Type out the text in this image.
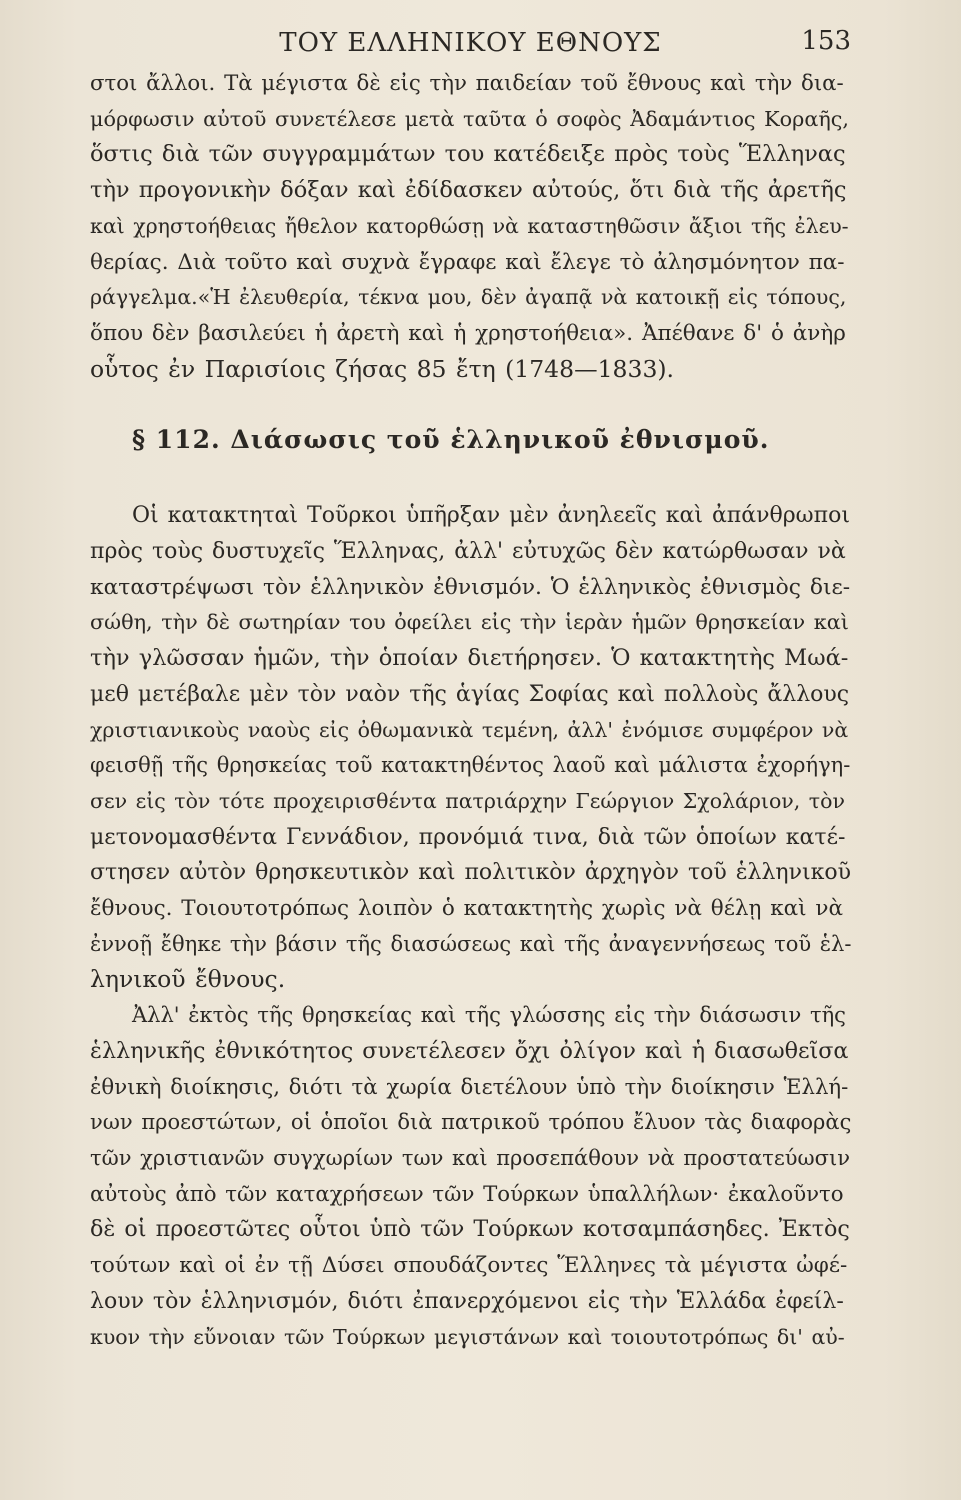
ΤΟΥ ΕΛΛΗΝΙΚΟΥ ΕΘΝΟΥΣ	153
στοι ἄλλοι. Τὰ μέγιστα δὲ εἰς τὴν παιδείαν τοῦ ἔθνους καὶ τὴν δια-
μόρφωσιν αὐτοῦ συνετέλεσε μετὰ ταῦτα ὁ σοφὸς Ἀδαμάντιος Κοραῆς,
ὅστις διὰ τῶν συγγραμμάτων του κατέδειξε πρὸς τοὺς Ἕλληνας
τὴν προγονικὴν δόξαν καὶ ἐδίδασκεν αὐτούς, ὅτι διὰ τῆς ἀρετῆς
καὶ χρηστοήθειας ἤθελον κατορθώσῃ νὰ καταστηθῶσιν ἄξιοι τῆς ἐλευ-
θερίας. Διὰ τοῦτο καὶ συχνὰ ἔγραφε καὶ ἔλεγε τὸ ἀλησμόνητον πα-
ράγγελμα.«Ἡ ἐλευθερία, τέκνα μου, δὲν ἀγαπᾷ νὰ κατοικῇ εἰς τόπους,
ὅπου δὲν βασιλεύει ἡ ἀρετὴ καὶ ἡ χρηστοήθεια». Ἀπέθανε δ' ὁ ἀνὴρ
οὗτος ἐν Παρισίοις ζήσας 85 ἔτη (1748—1833).
§ 112. Διάσωσις τοῦ ἑλληνικοῦ ἐθνισμοῦ.
Οἱ κατακτηταὶ Τοῦρκοι ὑπῆρξαν μὲν ἀνηλεεῖς καὶ ἀπάνθρωποι
πρὸς τοὺς δυστυχεῖς Ἕλληνας, ἀλλ' εὐτυχῶς δὲν κατώρθωσαν νὰ
καταστρέψωσι τὸν ἑλληνικὸν ἐθνισμόν. Ὁ ἑλληνικὸς ἐθνισμὸς διε-
σώθη, τὴν δὲ σωτηρίαν του ὀφείλει εἰς τὴν ἱερὰν ἡμῶν θρησκείαν καὶ
τὴν γλῶσσαν ἡμῶν, τὴν ὁποίαν διετήρησεν. Ὁ κατακτητὴς Μωά-
μεθ μετέβαλε μὲν τὸν ναὸν τῆς ἁγίας Σοφίας καὶ πολλοὺς ἄλλους
χριστιανικοὺς ναοὺς εἰς ὀθωμανικὰ τεμένη, ἀλλ' ἐνόμισε συμφέρον νὰ
φεισθῇ τῆς θρησκείας τοῦ κατακτηθέντος λαοῦ καὶ μάλιστα ἐχορήγη-
σεν εἰς τὸν τότε προχειρισθέντα πατριάρχην Γεώργιον Σχολάριον, τὸν
μετονομασθέντα Γεννάδιον, προνόμιά τινα, διὰ τῶν ὁποίων κατέ-
στησεν αὐτὸν θρησκευτικὸν καὶ πολιτικὸν ἀρχηγὸν τοῦ ἑλληνικοῦ
ἔθνους. Τοιουτοτρόπως λοιπὸν ὁ κατακτητὴς χωρὶς νὰ θέλῃ καὶ νὰ
ἐννοῇ ἔθηκε τὴν βάσιν τῆς διασώσεως καὶ τῆς ἀναγεννήσεως τοῦ ἑλ-
ληνικοῦ ἔθνους.
Ἀλλ' ἐκτὸς τῆς θρησκείας καὶ τῆς γλώσσης εἰς τὴν διάσωσιν τῆς
ἑλληνικῆς ἐθνικότητος συνετέλεσεν ὄχι ὀλίγον καὶ ἡ διασωθεῖσα
ἐθνικὴ διοίκησις, διότι τὰ χωρία διετέλουν ὑπὸ τὴν διοίκησιν Ἑλλή-
νων προεστώτων, οἱ ὁποῖοι διὰ πατρικοῦ τρόπου ἔλυον τὰς διαφορὰς
τῶν χριστιανῶν συγχωρίων των καὶ προσεπάθουν νὰ προστατεύωσιν
αὐτοὺς ἀπὸ τῶν καταχρήσεων τῶν Τούρκων ὑπαλλήλων· ἐκαλοῦντο
δὲ οἱ προεστῶτες οὗτοι ὑπὸ τῶν Τούρκων κοτσαμπάσηδες. Ἐκτὸς
τούτων καὶ οἱ ἐν τῇ Δύσει σπουδάζοντες Ἕλληνες τὰ μέγιστα ὠφέ-
λουν τὸν ἑλληνισμόν, διότι ἐπανερχόμενοι εἰς τὴν Ἑλλάδα ἐφείλ-
κυον τὴν εὔνοιαν τῶν Τούρκων μεγιστάνων καὶ τοιουτοτρόπως δι' αὐ-
